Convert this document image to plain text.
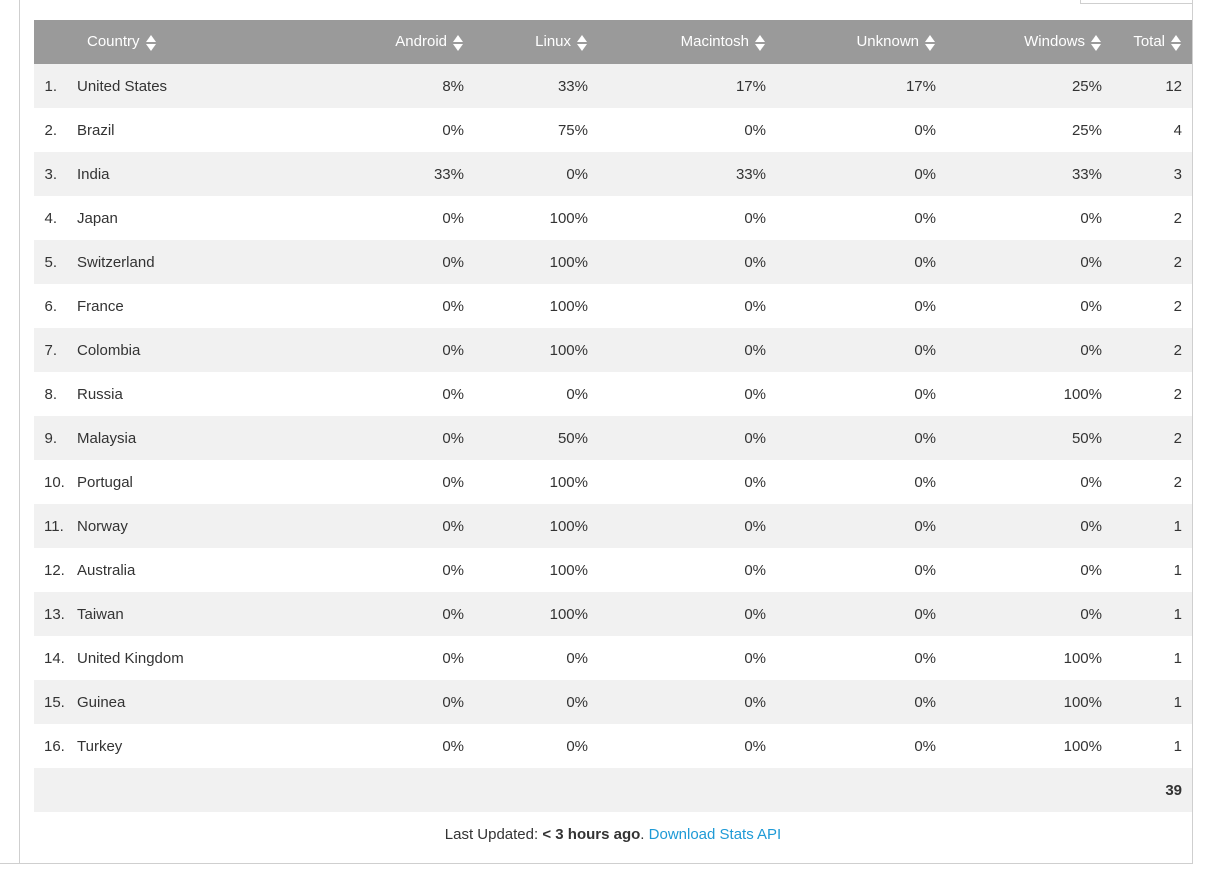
	Country	Android	Linux	Macintosh	Unknown	Windows	Total
1.	United States	8%	33%	17%	17%	25%	12
2.	Brazil	0%	75%	0%	0%	25%	4
3.	India	33%	0%	33%	0%	33%	3
4.	Japan	0%	100%	0%	0%	0%	2
5.	Switzerland	0%	100%	0%	0%	0%	2
6.	France	0%	100%	0%	0%	0%	2
7.	Colombia	0%	100%	0%	0%	0%	2
8.	Russia	0%	0%	0%	0%	100%	2
9.	Malaysia	0%	50%	0%	0%	50%	2
10.	Portugal	0%	100%	0%	0%	0%	2
11.	Norway	0%	100%	0%	0%	0%	1
12.	Australia	0%	100%	0%	0%	0%	1
13.	Taiwan	0%	100%	0%	0%	0%	1
14.	United Kingdom	0%	0%	0%	0%	100%	1
15.	Guinea	0%	0%	0%	0%	100%	1
16.	Turkey	0%	0%	0%	0%	100%	1
							39
Last Updated: < 3 hours ago. Download Stats API
